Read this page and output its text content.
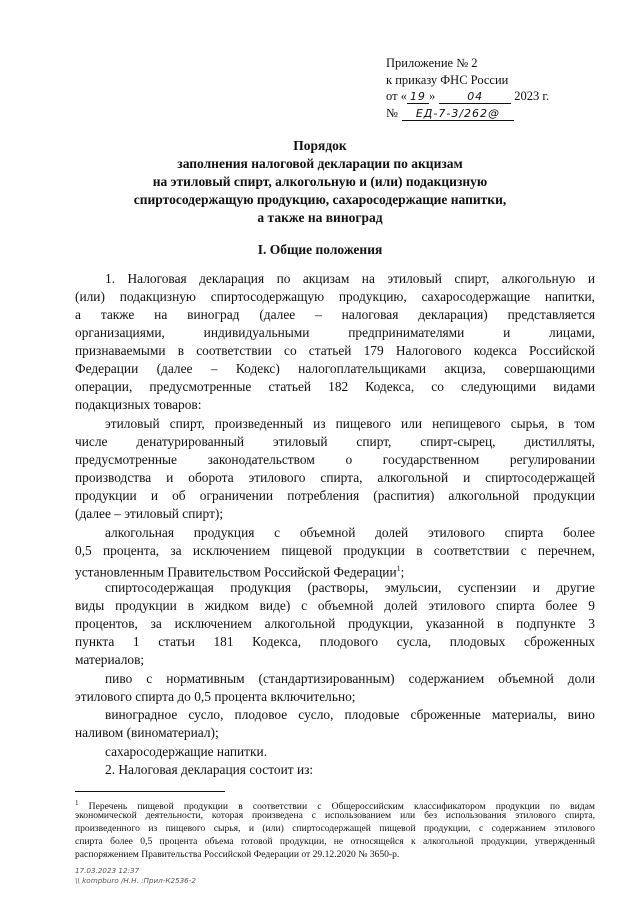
Приложение № 2
к приказу ФНС России
от « 19 »	04 2023 г.
№ ЕД-7-3/262@
Порядок
заполнения налоговой декларации по акцизам
на этиловый спирт, алкогольную и (или) подакцизную
спиртосодержащую продукцию, сахаросодержащие напитки,
а также на виноград
I. Общие положения
1. Налоговая декларация по акцизам на этиловый спирт, алкогольную и
(или) подакцизную спиртосодержащую продукцию, сахаросодержащие напитки,
а также на виноград (далее – налоговая декларация) представляется
организациями, индивидуальными предпринимателями и лицами,
признаваемыми в соответствии со статьей 179 Налогового кодекса Российской
Федерации (далее – Кодекс) налогоплательщиками акциза, совершающими
операции, предусмотренные статьей 182 Кодекса, со следующими видами
подакцизных товаров:
этиловый спирт, произведенный из пищевого или непищевого сырья, в том
числе денатурированный этиловый спирт, спирт-сырец, дистилляты,
предусмотренные законодательством о государственном регулировании
производства и оборота этилового спирта, алкогольной и спиртосодержащей
продукции и об ограничении потребления (распития) алкогольной продукции
(далее – этиловый спирт);
алкогольная продукция с объемной долей этилового спирта более
0,5 процента, за исключением пищевой продукции в соответствии с перечнем,
установленным Правительством Российской Федерации$^1$;
спиртосодержащая продукция (растворы, эмульсии, суспензии и другие
виды продукции в жидком виде) с объемной долей этилового спирта более 9
процентов, за исключением алкогольной продукции, указанной в подпункте 3
пункта 1 статьи 181 Кодекса, плодового сусла, плодовых сброженных
материалов;
пиво с нормативным (стандартизированным) содержанием объемной доли
этилового спирта до 0,5 процента включительно;
виноградное сусло, плодовое сусло, плодовые сброженные материалы, вино
наливом (виноматериал);
сахаросодержащие напитки.
2. Налоговая декларация состоит из:
$^1$ Перечень пищевой продукции в соответствии с Общероссийским классификатором продукции по видам
экономической деятельности, которая произведена с использованием или без использования этилового спирта,
произведенного из пищевого сырья, и (или) спиртосодержащей пищевой продукции, с содержанием этилового
спирта более 0,5 процента объема готовой продукции, не относящейся к алкогольной продукции, утвержденный
распоряжением Правительства Российской Федерации от 29.12.2020 № 3650-р.
17.03.2023 12:37
\\ kompburo /Н.Н. :Прил-К2536-2
